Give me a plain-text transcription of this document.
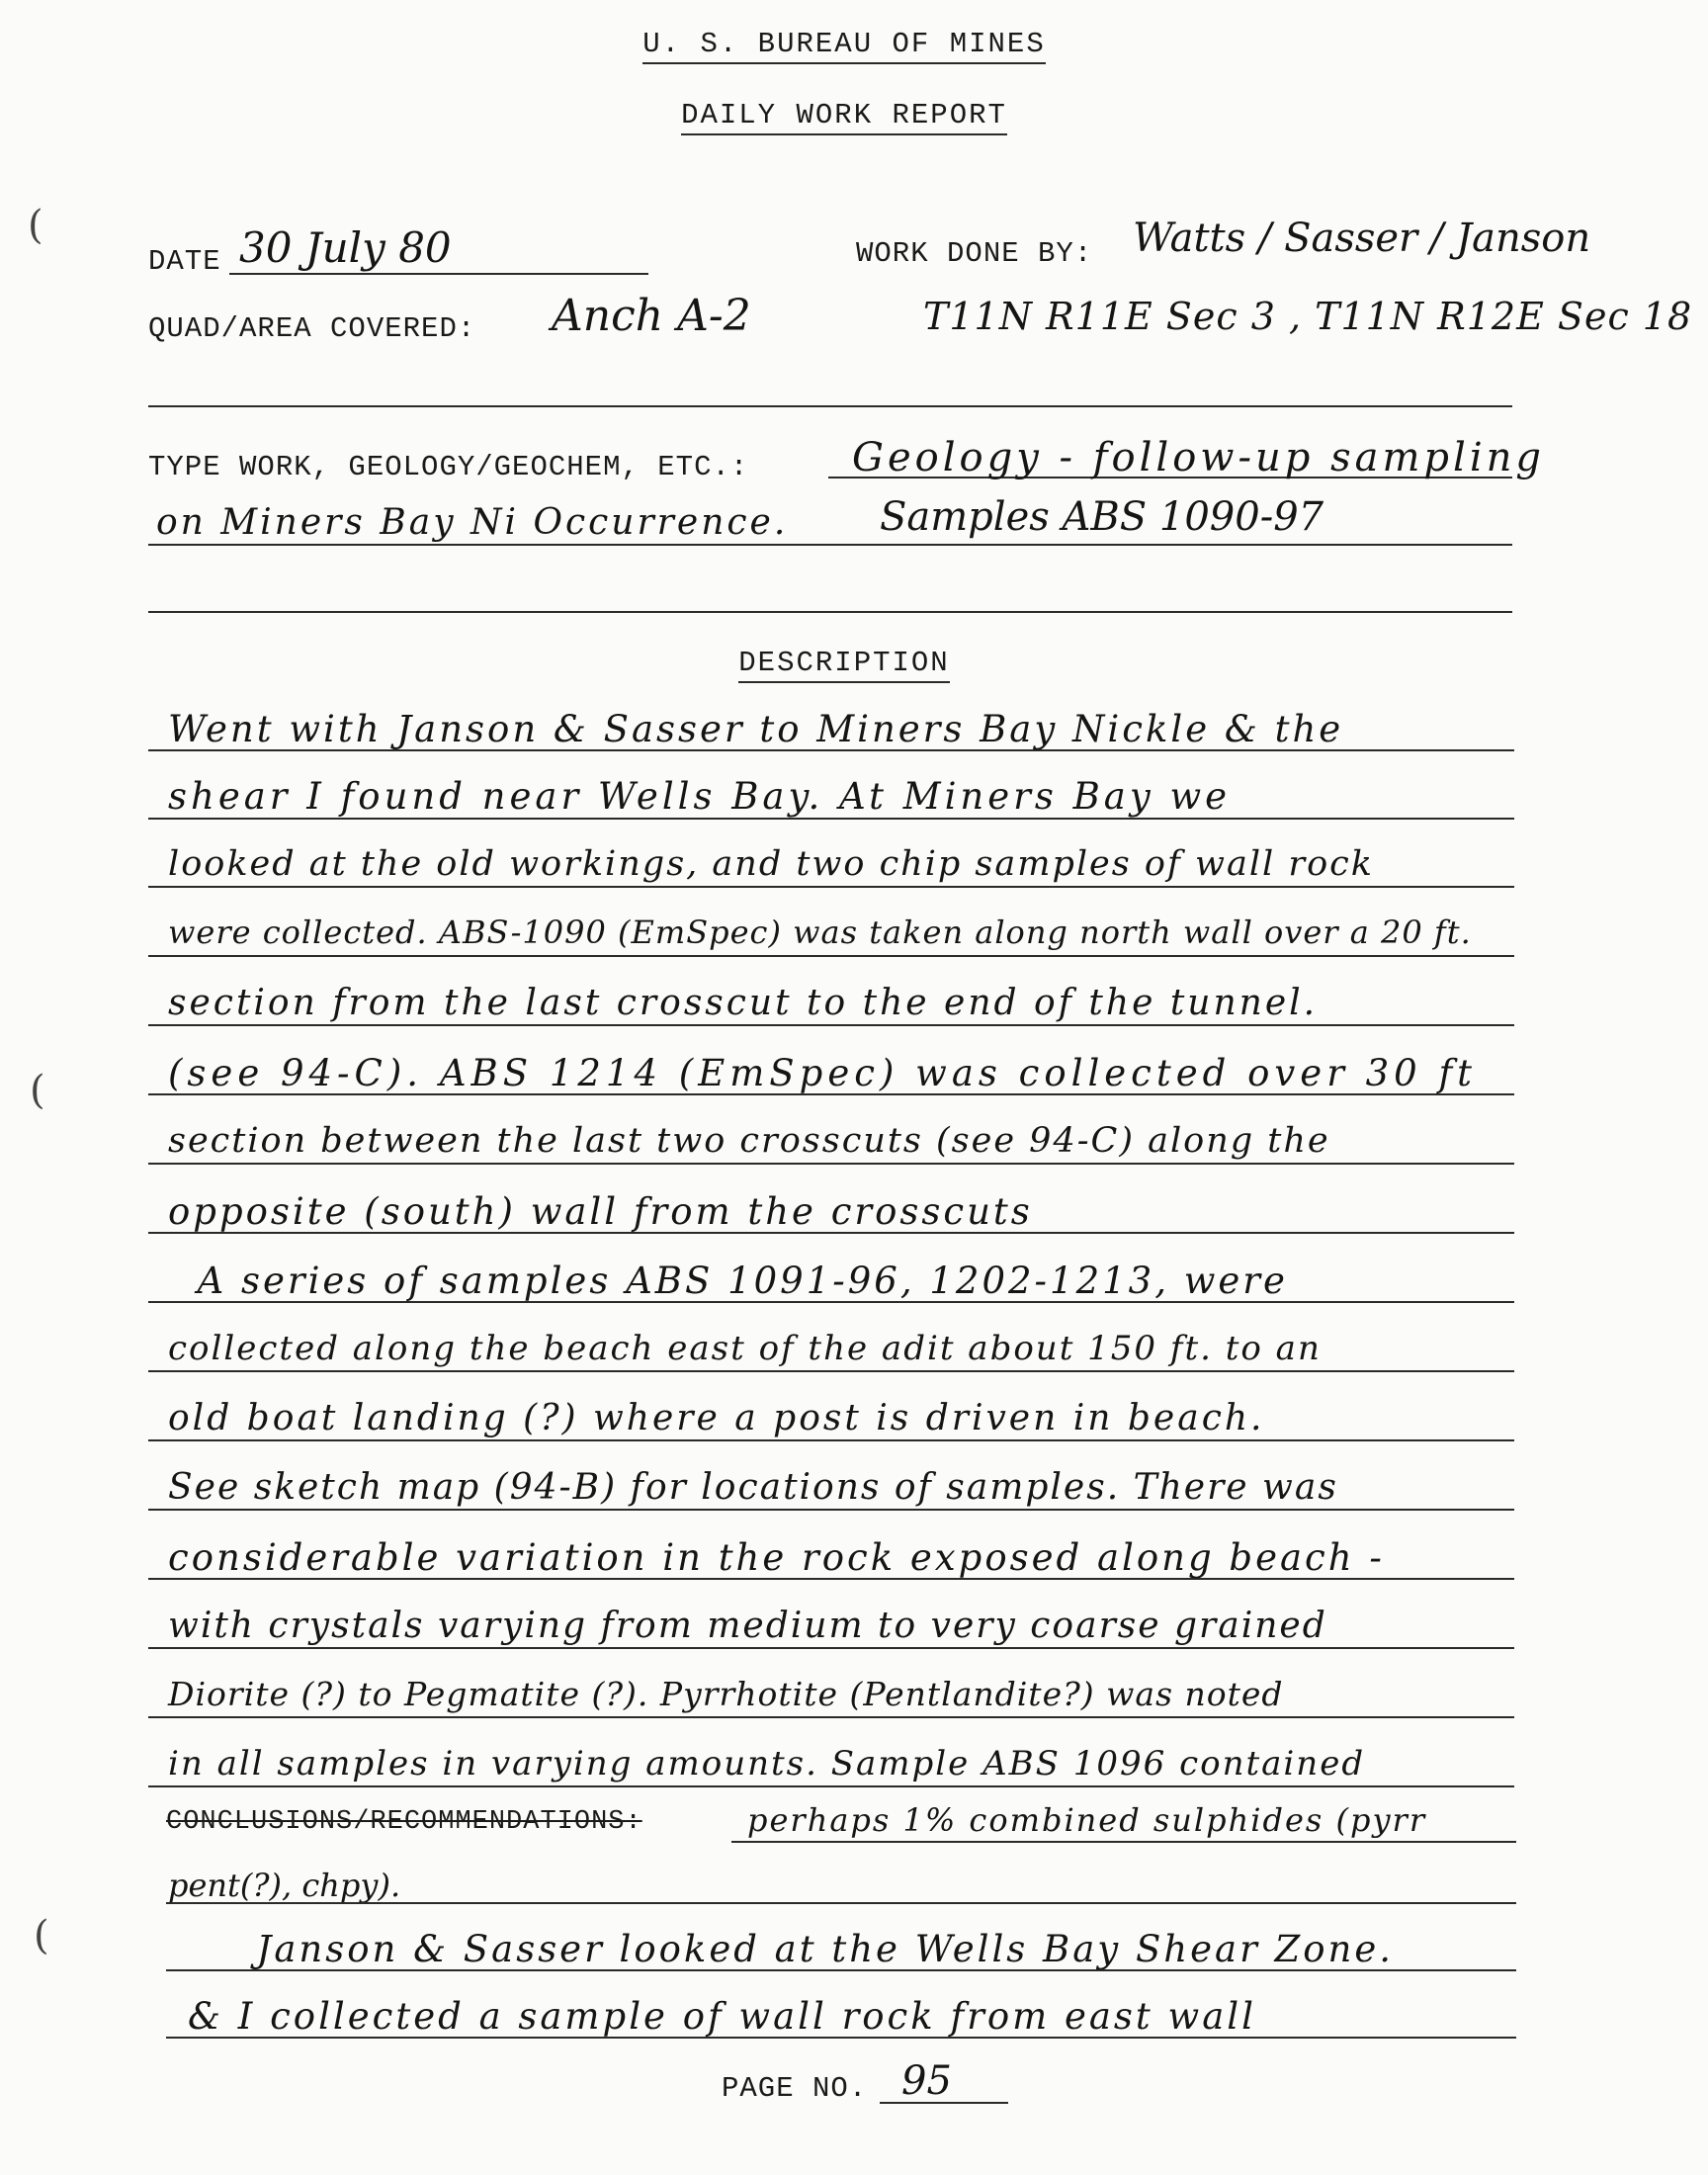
(
(
(
U. S. BUREAU OF MINES
DAILY WORK REPORT
DATE 30 July 80	WORK DONE BY: Watts / Sasser / Janson
QUAD/AREA COVERED: Anch A-2	T11N R11E Sec 3 , T11N R12E Sec 18
TYPE WORK, GEOLOGY/GEOCHEM, ETC.:	Geology - follow-up sampling
on Miners Bay Ni Occurrence. Samples ABS 1090-97
DESCRIPTION
Went with Janson & Sasser to Miners Bay Nickle & the
shear I found near Wells Bay. At Miners Bay we
looked at the old workings, and two chip samples of wall rock
were collected. ABS-1090 (EmSpec) was taken along north wall over a 20 ft.
section from the last crosscut to the end of the tunnel.
(see 94-C). ABS 1214 (EmSpec) was collected over 30 ft
section between the last two crosscuts (see 94-C) along the
opposite (south) wall from the crosscuts
A series of samples ABS 1091-96, 1202-1213, were
collected along the beach east of the adit about 150 ft. to an
old boat landing (?) where a post is driven in beach.
See sketch map (94-B) for locations of samples. There was
considerable variation in the rock exposed along beach -
with crystals varying from medium to very coarse grained
Diorite (?) to Pegmatite (?). Pyrrhotite (Pentlandite?) was noted
in all samples in varying amounts. Sample ABS 1096 contained
CONCLUSIONS/RECOMMENDATIONS:	perhaps 1% combined sulphides (pyrr
pent(?), chpy).
Janson & Sasser looked at the Wells Bay Shear Zone.
& I collected a sample of wall rock from east wall
PAGE NO. 95
